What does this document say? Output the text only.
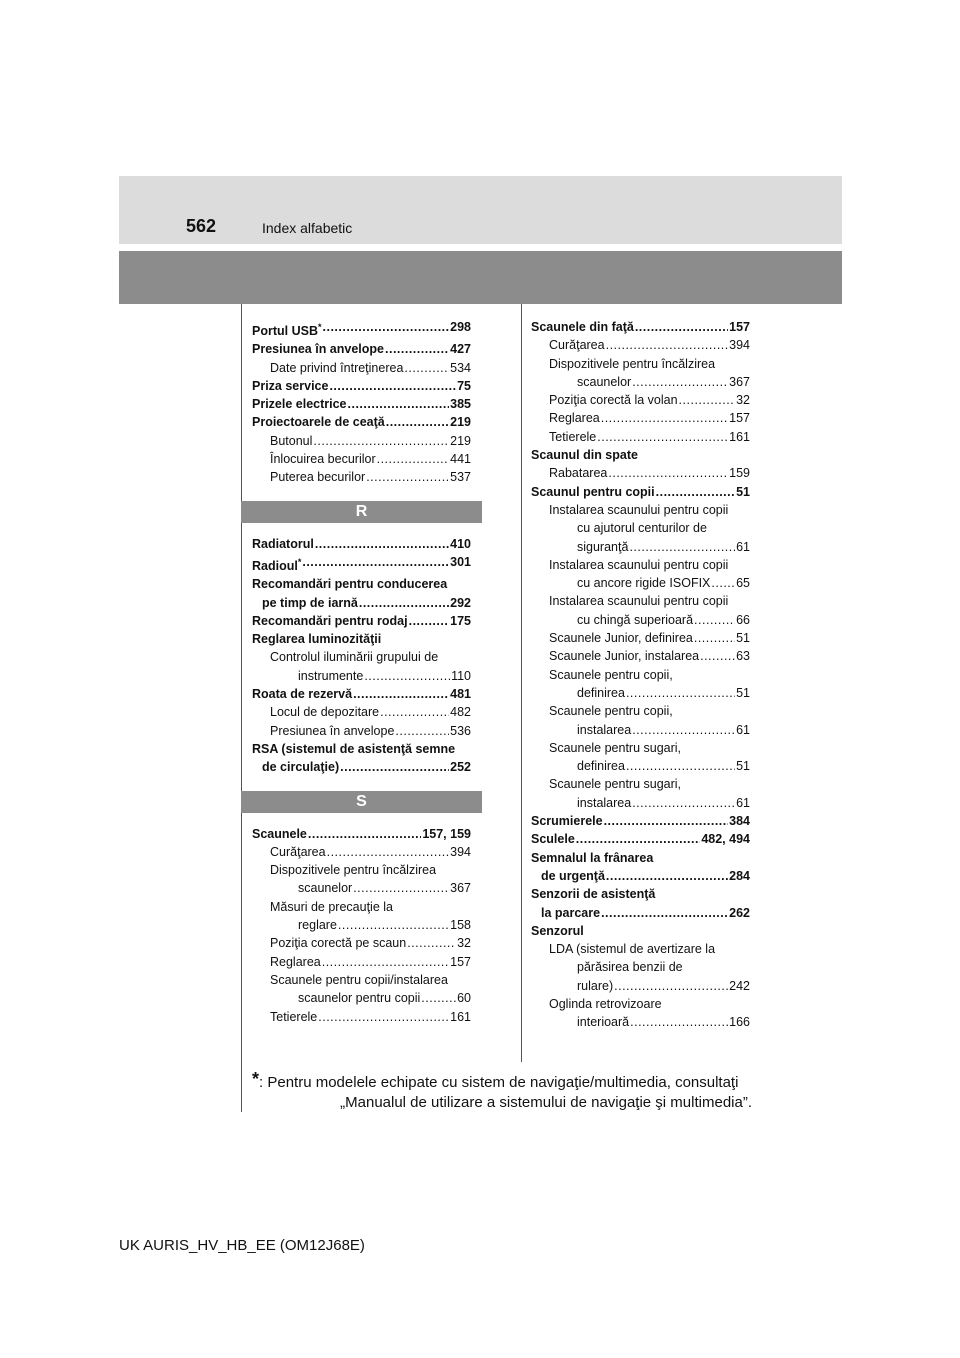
562	Index alfabetic
Portul USB* .....	298
Presiunea în anvelope .....	427
Date privind întreţinerea .....	534
Priza service .....	75
Prizele electrice .....	385
Proiectoarele de ceaţă .....	219
Butonul .....	219
Înlocuirea becurilor .....	441
Puterea becurilor .....	537
R
Radiatorul .....	410
Radioul* .....	301
Recomandări pentru conducerea
pe timp de iarnă .....	292
Recomandări pentru rodaj .....	175
Reglarea luminozităţii
Controlul iluminării grupului de
instrumente .....	110
Roata de rezervă .....	481
Locul de depozitare .....	482
Presiunea în anvelope .....	536
RSA (sistemul de asistenţă semne
de circulaţie) .....	252
S
Scaunele .....	157, 159
Curăţarea .....	394
Dispozitivele pentru încălzirea
scaunelor .....	367
Măsuri de precauţie la
reglare .....	158
Poziţia corectă pe scaun .....	32
Reglarea .....	157
Scaunele pentru copii/instalarea
scaunelor pentru copii .....	60
Tetierele .....	161
Scaunele din faţă .....	157
Curăţarea .....	394
Dispozitivele pentru încălzirea
scaunelor .....	367
Poziţia corectă la volan .....	32
Reglarea .....	157
Tetierele .....	161
Scaunul din spate
Rabatarea .....	159
Scaunul pentru copii .....	51
Instalarea scaunului pentru copii
cu ajutorul centurilor de
siguranţă .....	61
Instalarea scaunului pentru copii
cu ancore rigide ISOFIX ..... 65
Instalarea scaunului pentru copii
cu chingă superioară .....	66
Scaunele Junior, definirea .....	51
Scaunele Junior, instalarea .....	63
Scaunele pentru copii,
definirea .....	51
Scaunele pentru copii,
instalarea .....	61
Scaunele pentru sugari,
definirea .....	51
Scaunele pentru sugari,
instalarea .....	61
Scrumierele .....	384
Sculele .....	482, 494
Semnalul la frânarea
de urgenţă .....	284
Senzorii de asistenţă
la parcare .....	262
Senzorul
LDA (sistemul de avertizare la
părăsirea benzii de
rulare) .....	242
Oglinda retrovizoare
interioară .....	166
*: Pentru modelele echipate cu sistem de navigaţie/multimedia, consultaţi
„Manualul de utilizare a sistemului de navigaţie şi multimedia”.
UK AURIS_HV_HB_EE (OM12J68E)
